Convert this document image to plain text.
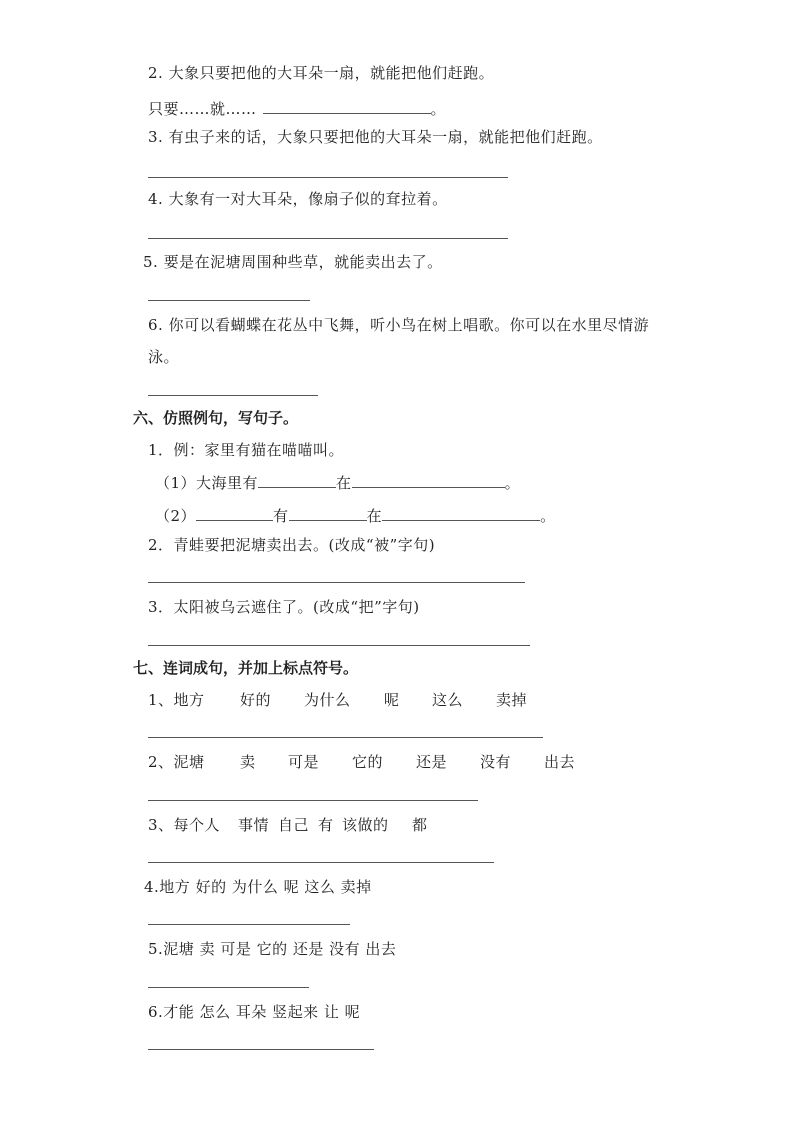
2. 大象只要把他的大耳朵一扇，就能把他们赶跑。
只要……就……	。
3. 有虫子来的话，大象只要把他的大耳朵一扇，就能把他们赶跑。
4. 大象有一对大耳朵，像扇子似的耷拉着。
5. 要是在泥塘周围种些草，就能卖出去了。
6. 你可以看蝴蝶在花丛中飞舞，听小鸟在树上唱歌。你可以在水里尽情游
泳。
六、仿照例句，写句子。
1．例：家里有猫在喵喵叫。
（1）大海里有	在	。
（2）	有	在	。
2．青蛙要把泥塘卖出去。(改成“被”字句)
3．太阳被乌云遮住了。(改成“把”字句)
七、连词成句，并加上标点符号。
1、地方 好的 为什么 呢 这么 卖掉
2、泥塘 卖 可是 它的 还是 没有 出去
3、每个人 事情 自己 有 该做的 都
4.地方 好的 为什么 呢 这么 卖掉
5.泥塘 卖 可是 它的 还是 没有 出去
6.才能 怎么 耳朵 竖起来 让 呢
